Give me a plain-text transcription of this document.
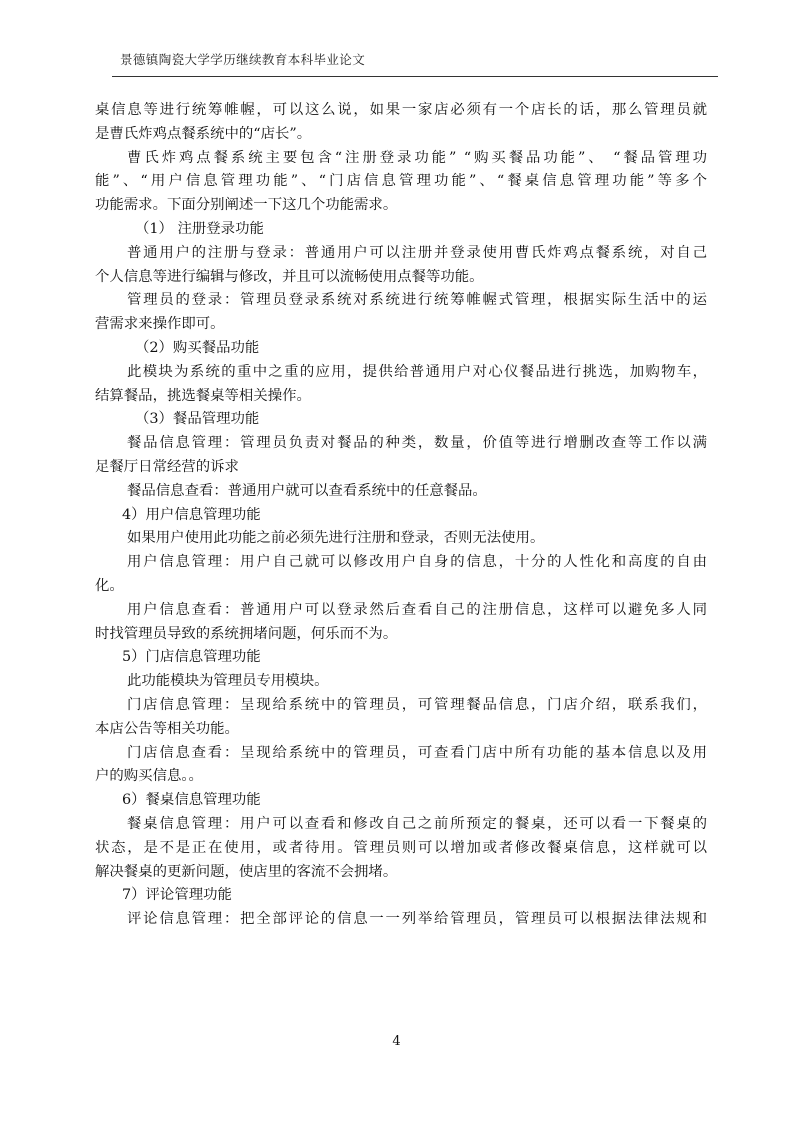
景德镇陶瓷大学学历继续教育本科毕业论文
桌信息等进行统筹帷幄，可以这么说，如果一家店必须有一个店长的话，那么管理员就
是曹氏炸鸡点餐系统中的“店长”。
曹氏炸鸡点餐系统主要包含“注册登录功能” “购买餐品功能”、 “餐品管理功
能”、“用户信息管理功能”、“门店信息管理功能”、“餐桌信息管理功能”等多个
功能需求。下面分别阐述一下这几个功能需求。
（1） 注册登录功能
普通用户的注册与登录：普通用户可以注册并登录使用曹氏炸鸡点餐系统，对自己
个人信息等进行编辑与修改，并且可以流畅使用点餐等功能。
管理员的登录：管理员登录系统对系统进行统筹帷幄式管理，根据实际生活中的运
营需求来操作即可。
（2）购买餐品功能
此模块为系统的重中之重的应用，提供给普通用户对心仪餐品进行挑选，加购物车，
结算餐品，挑选餐桌等相关操作。
（3）餐品管理功能
餐品信息管理：管理员负责对餐品的种类，数量，价值等进行增删改查等工作以满
足餐厅日常经营的诉求
餐品信息查看：普通用户就可以查看系统中的任意餐品。
4）用户信息管理功能
如果用户使用此功能之前必须先进行注册和登录，否则无法使用。
用户信息管理：用户自己就可以修改用户自身的信息，十分的人性化和高度的自由
化。
用户信息查看：普通用户可以登录然后查看自己的注册信息，这样可以避免多人同
时找管理员导致的系统拥堵问题，何乐而不为。
5）门店信息管理功能
此功能模块为管理员专用模块。
门店信息管理：呈现给系统中的管理员，可管理餐品信息，门店介绍，联系我们，
本店公告等相关功能。
门店信息查看：呈现给系统中的管理员，可查看门店中所有功能的基本信息以及用
户的购买信息。。
6）餐桌信息管理功能
餐桌信息管理：用户可以查看和修改自己之前所预定的餐桌，还可以看一下餐桌的
状态，是不是正在使用，或者待用。管理员则可以增加或者修改餐桌信息，这样就可以
解决餐桌的更新问题，使店里的客流不会拥堵。
7）评论管理功能
评论信息管理：把全部评论的信息一一列举给管理员，管理员可以根据法律法规和
4
